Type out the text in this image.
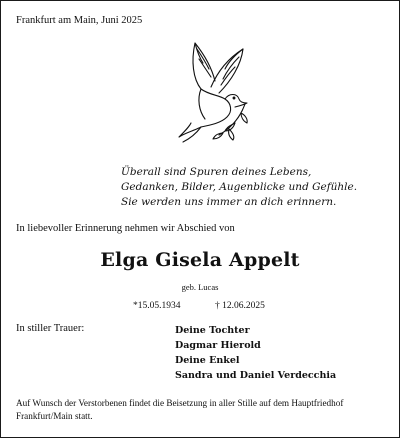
Frankfurt am Main, Juni 2025
Überall sind Spuren deines Lebens,
Gedanken, Bilder, Augenblicke und Gefühle.
Sie werden uns immer an dich erinnern.
In liebevoller Erinnerung nehmen wir Abschied von
Elga Gisela Appelt
geb. Lucas
*15.05.1934	† 12.06.2025
In stiller Trauer:	Deine Tochter
Dagmar Hierold
Deine Enkel
Sandra und Daniel Verdecchia
Auf Wunsch der Verstorbenen findet die Beisetzung in aller Stille auf dem Hauptfriedhof
Frankfurt/Main statt.
